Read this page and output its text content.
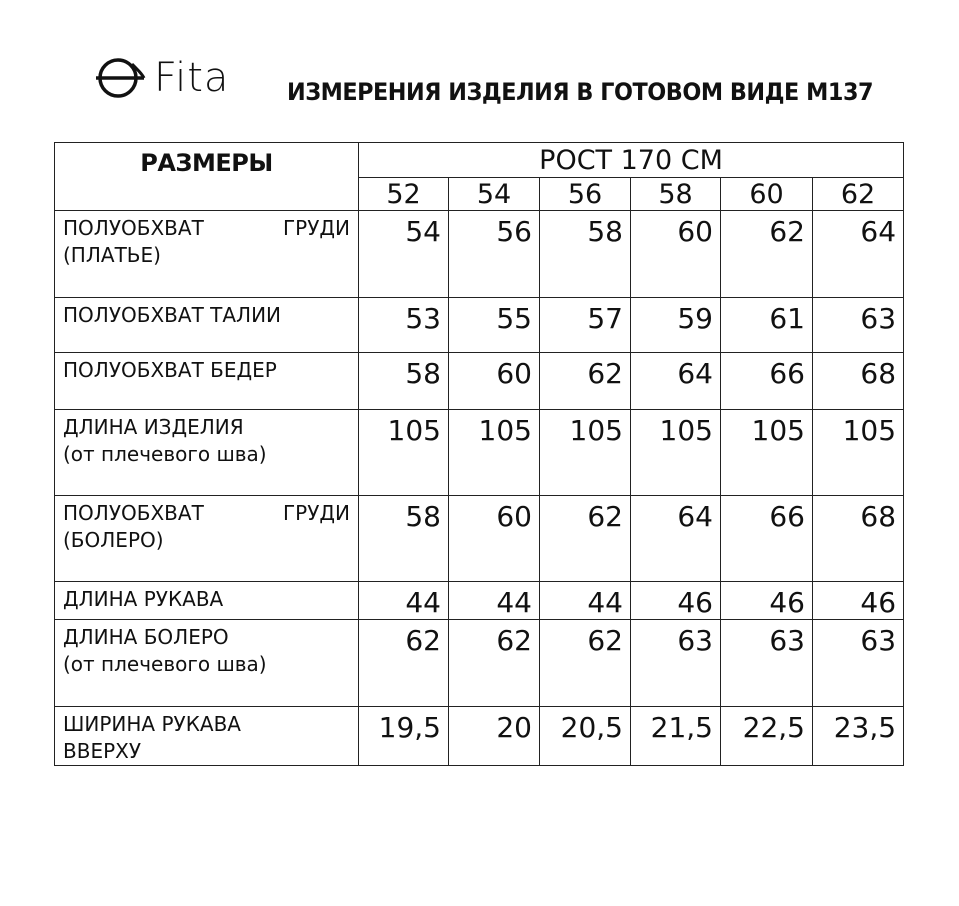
Fita ИЗМЕРЕНИЯ ИЗДЕЛИЯ В ГОТОВОМ ВИДЕ М137
РАЗМЕРЫ	РОСТ 170 СМ					
	52	54	56	58	60	62

ПОЛУОБХВАТ ГРУДИ
(ПЛАТЬЕ)	54	56	58	60	62	64

ПОЛУОБХВАТ ТАЛИИ	53	55	57	59	61	63

ПОЛУОБХВАТ БЕДЕР	58	60	62	64	66	68

ДЛИНА ИЗДЕЛИЯ
(от плечевого шва)	105	105	105	105	105	105

ПОЛУОБХВАТ ГРУДИ
(БОЛЕРО)	58	60	62	64	66	68

ДЛИНА РУКАВА	44	44	44	46	46	46

ДЛИНА БОЛЕРО
(от плечевого шва)	62	62	62	63	63	63

ШИРИНА РУКАВА
ВВЕРХУ	19,5	20	20,5	21,5	22,5	23,5
